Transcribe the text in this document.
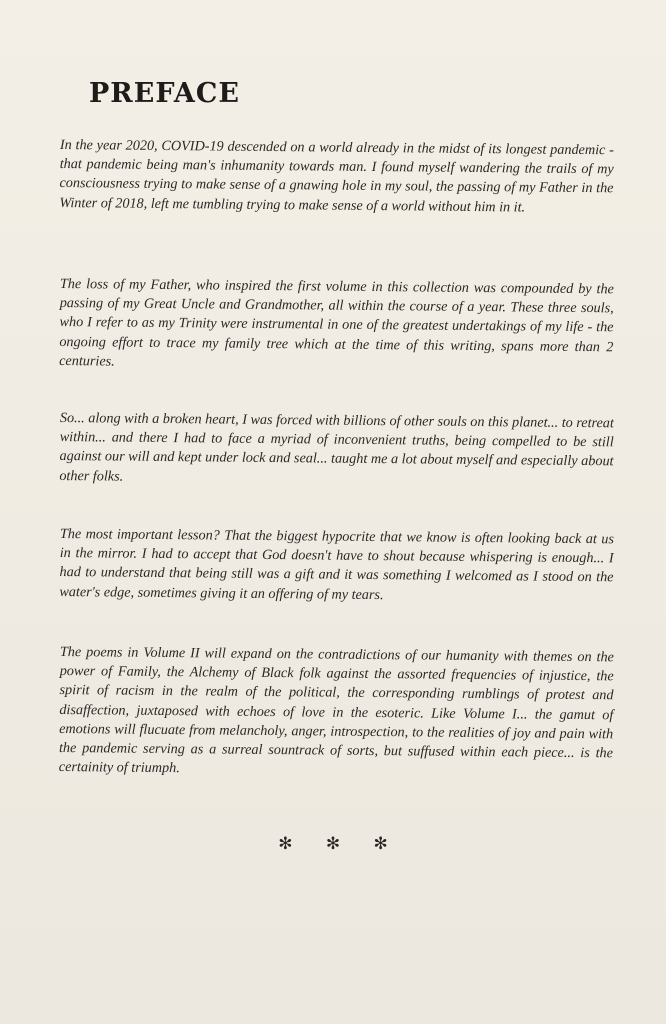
PREFACE

In the year 2020, COVID-19 descended on a world already in the midst of its longest pandemic - that pandemic being man's inhumanity towards man. I found myself wandering the trails of my consciousness trying to make sense of a gnawing hole in my soul, the passing of my Father in the Winter of 2018, left me tumbling trying to make sense of a world without him in it.

The loss of my Father, who inspired the first volume in this collection was compounded by the passing of my Great Uncle and Grandmother, all within the course of a year. These three souls, who I refer to as my Trinity were instrumental in one of the greatest undertakings of my life - the ongoing effort to trace my family tree which at the time of this writing, spans more than 2 centuries.

So... along with a broken heart, I was forced with billions of other souls on this planet... to retreat within... and there I had to face a myriad of inconvenient truths, being compelled to be still against our will and kept under lock and seal... taught me a lot about myself and especially about other folks.

The most important lesson? That the biggest hypocrite that we know is often looking back at us in the mirror. I had to accept that God doesn't have to shout because whispering is enough... I had to understand that being still was a gift and it was something I welcomed as I stood on the water's edge, sometimes giving it an offering of my tears.

The poems in Volume II will expand on the contradictions of our humanity with themes on the power of Family, the Alchemy of Black folk against the assorted frequencies of injustice, the spirit of racism in the realm of the political, the corresponding rumblings of protest and disaffection, juxtaposed with echoes of love in the esoteric. Like Volume I... the gamut of emotions will flucuate from melancholy, anger, introspection, to the realities of joy and pain with the pandemic serving as a surreal sountrack of sorts, but suffused within each piece... is the certainity of triumph.

✻ ✻ ✻
